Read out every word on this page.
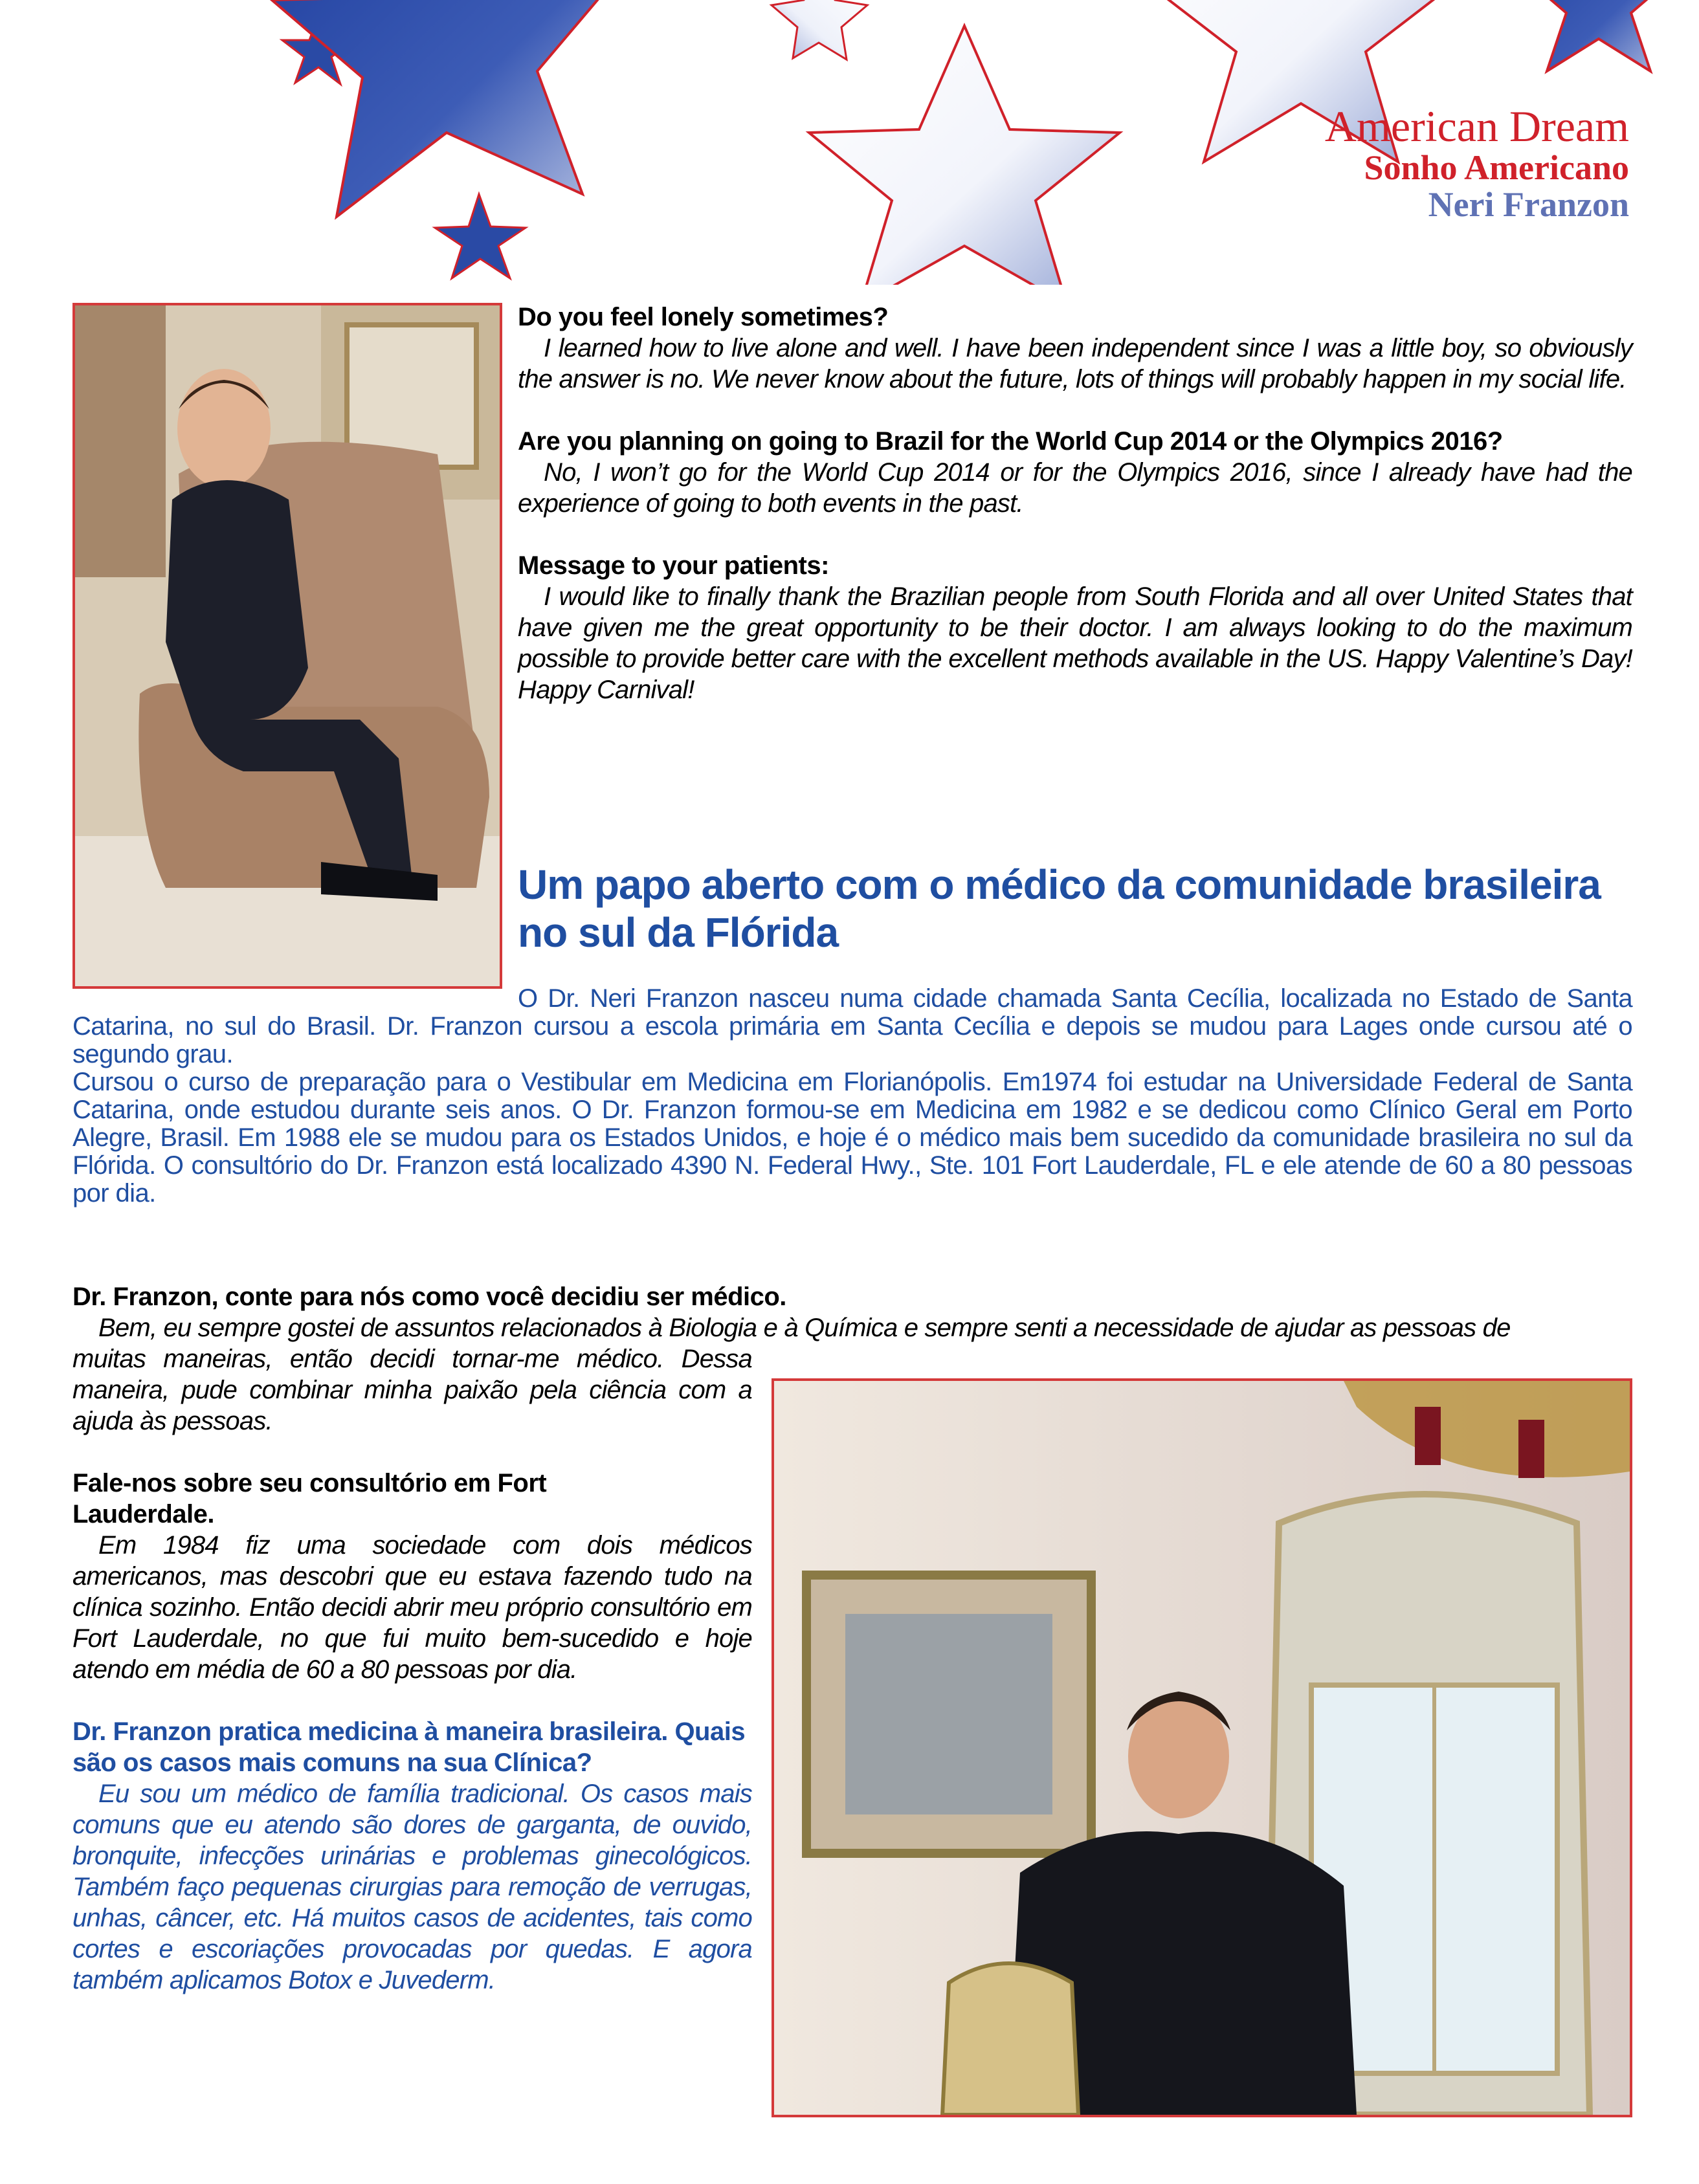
American Dream
Sonho Americano
Neri Franzon
Do you feel lonely sometimes?
I learned how to live alone and well. I have been independent since I was a little boy, so obviously the answer is no. We never know about the future, lots of things will probably happen in my social life.
Are you planning on going to Brazil for the World Cup 2014 or the Olympics 2016?
No, I won’t go for the World Cup 2014 or for the Olympics 2016, since I already have had the experience of going to both events in the past.
Message to your patients:
I would like to finally thank the Brazilian people from South Florida and all over United States that have given me the great opportunity to be their doctor. I am always looking to do the maximum possible to provide better care with the excellent methods available in the US. Happy Valentine’s Day! Happy Carnival!
Um papo aberto com o médico da comunidade brasileira no sul da Flórida

O Dr. Neri Franzon nasceu numa cidade chamada Santa Cecília, localizada no Estado de Santa Catarina, no sul do Brasil. Dr. Franzon cursou a escola primária em Santa Cecília e depois se mudou para Lages onde cursou até o segundo grau.

Cursou o curso de preparação para o Vestibular em Medicina em Florianópolis. Em1974 foi estudar na Universidade Federal de Santa Catarina, onde estudou durante seis anos. O Dr. Franzon formou-se em Medicina em 1982 e se dedicou como Clínico Geral em Porto Alegre, Brasil. Em 1988 ele se mudou para os Estados Unidos, e hoje é o médico mais bem sucedido da comunidade brasileira no sul da Flórida. O consultório do Dr. Franzon está localizado 4390 N. Federal Hwy., Ste. 101 Fort Lauderdale, FL e ele atende de 60 a 80 pessoas por dia.

Dr. Franzon, conte para nós como você decidiu ser médico.
Bem, eu sempre gostei de assuntos relacionados à Biologia e à Química e sempre senti a necessidade de ajudar as pessoas de
muitas maneiras, então decidi tornar-me médico. Dessa maneira, pude combinar minha paixão pela ciência com a ajuda às pessoas.
Fale-nos sobre seu consultório em Fort Lauderdale.
Em 1984 fiz uma sociedade com dois médicos americanos, mas descobri que eu estava fazendo tudo na clínica sozinho. Então decidi abrir meu próprio consultório em Fort Lauderdale, no que fui muito bem-sucedido e hoje atendo em média de 60 a 80 pessoas por dia.
Dr. Franzon pratica medicina à maneira brasileira. Quais são os casos mais comuns na sua Clínica?
Eu sou um médico de família tradicional. Os casos mais comuns que eu atendo são dores de garganta, de ouvido, bronquite, infecções urinárias e problemas ginecológicos. Também faço pequenas cirurgias para remoção de verrugas, unhas, câncer, etc. Há muitos casos de acidentes, tais como cortes e escoriações provocadas por quedas. E agora também aplicamos Botox e Juvederm.
